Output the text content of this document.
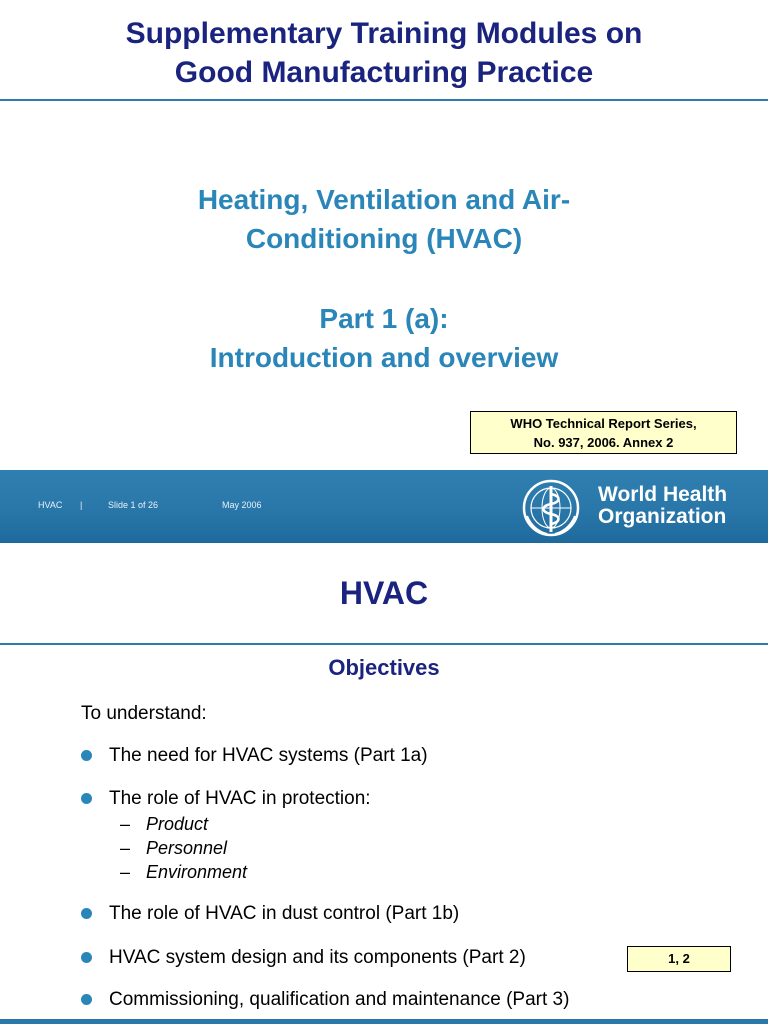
Supplementary Training Modules on
Good Manufacturing Practice
Heating, Ventilation and Air-
Conditioning (HVAC)
Part 1 (a):
Introduction and overview
WHO Technical Report Series,
No. 937, 2006. Annex 2
HVAC |	Slide 1 of 26	May 2006	World Health
Organization
HVAC
Objectives
To understand:
The need for HVAC systems (Part 1a)
The role of HVAC in protection:
– Product
– Personnel
– Environment
The role of HVAC in dust control (Part 1b)
HVAC system design and its components (Part 2)
Commissioning, qualification and maintenance (Part 3)
1, 2
